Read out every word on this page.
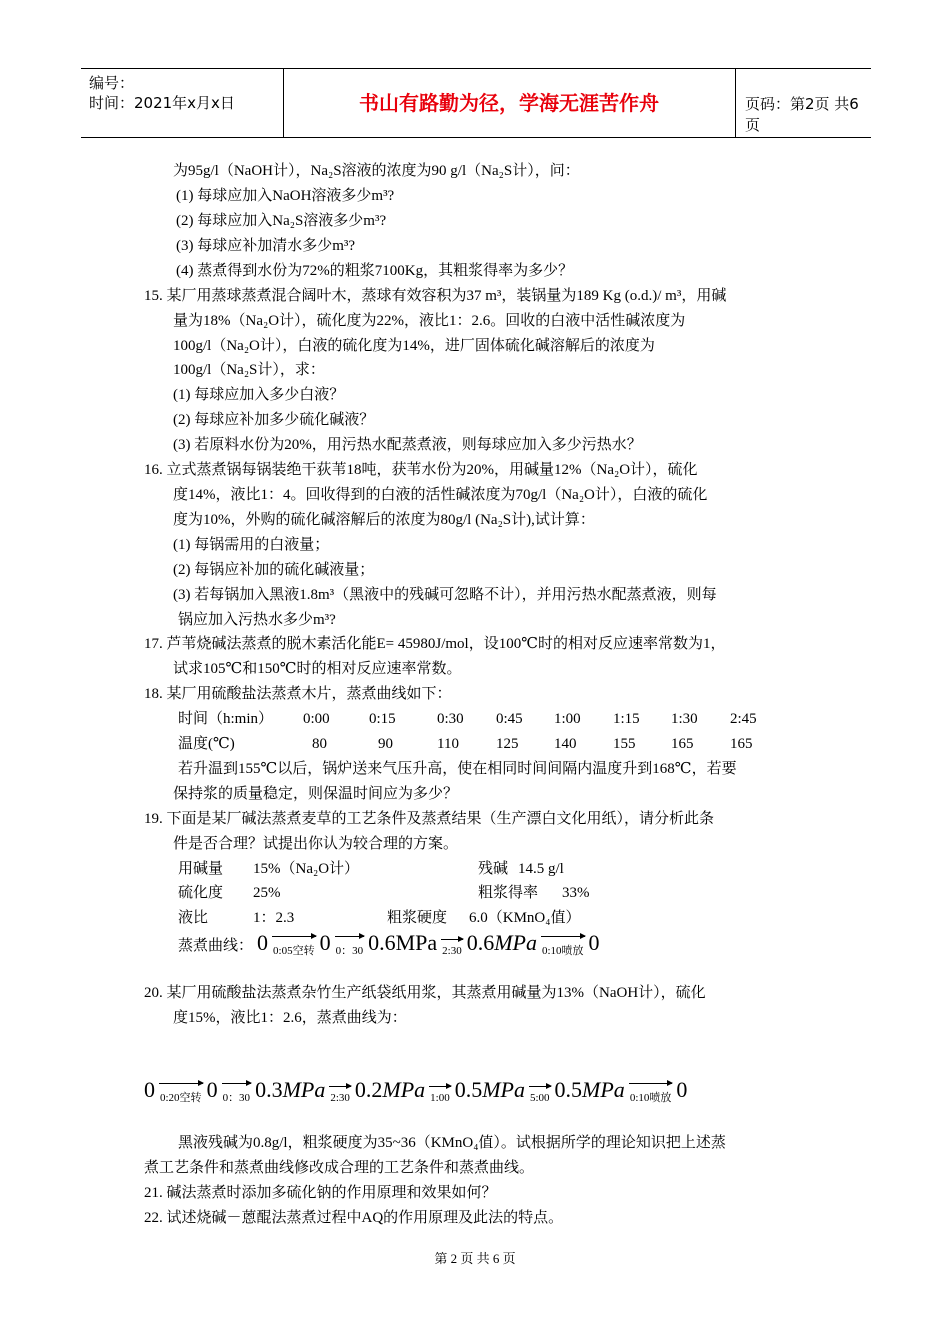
编号：
时间：2021年x月x日	书山有路勤为径，学海无涯苦作舟	页码：第2页 共6页
为95g/l（NaOH计），Na₂S溶液的浓度为90 g/l（Na₂S计），问：
(1) 每球应加入NaOH溶液多少m³?
(2) 每球应加入Na₂S溶液多少m³?
(3) 每球应补加清水多少m³?
(4) 蒸煮得到水份为72%的粗浆7100Kg，其粗浆得率为多少？
15. 某厂用蒸球蒸煮混合阔叶木，蒸球有效容积为37 m³，装锅量为189 Kg (o.d.)/ m³，用碱
量为18%（Na₂O计），硫化度为22%，液比1：2.6。回收的白液中活性碱浓度为
100g/l（Na₂O计），白液的硫化度为14%，进厂固体硫化碱溶解后的浓度为
100g/l（Na₂S计），求：
(1) 每球应加入多少白液？
(2) 每球应补加多少硫化碱液？
(3) 若原料水份为20%，用污热水配蒸煮液，则每球应加入多少污热水？
16. 立式蒸煮锅每锅装绝干荻苇18吨，获苇水份为20%，用碱量12%（Na₂O计），硫化
度14%，液比1：4。回收得到的白液的活性碱浓度为70g/l（Na₂O计），白液的硫化
度为10%，外购的硫化碱溶解后的浓度为80g/l (Na₂S计),试计算：
(1) 每锅需用的白液量；
(2) 每锅应补加的硫化碱液量；
(3) 若每锅加入黑液1.8m³（黑液中的残碱可忽略不计），并用污热水配蒸煮液，则每
锅应加入污热水多少m³?
17. 芦苇烧碱法蒸煮的脱木素活化能E= 45980J/mol，设100℃时的相对反应速率常数为1，
试求105℃和150℃时的相对反应速率常数。
18. 某厂用硫酸盐法蒸煮木片，蒸煮曲线如下：
时间（h:min） 0:00	0:15	0:30 0:45 1:00 1:15 1:30 2:45
温度(℃)	80	90	110 125 140 155 165 165
若升温到155℃以后，锅炉送来气压升高，使在相同时间间隔内温度升到168℃，若要
保持浆的质量稳定，则保温时间应为多少？
19. 下面是某厂碱法蒸煮麦草的工艺条件及蒸煮结果（生产漂白文化用纸），请分析此条
件是否合理？试提出你认为较合理的方案。
用碱量 15%（Na₂O计）	残碱 14.5 g/l
硫化度 25%	粗浆得率 33%
液比	1：2.3	粗浆硬度 6.0（KMnO₄值）
蒸煮曲线： 0 0:05空转 0 0：30 0.6MPa 2:30 0.6MPa 0:10喷放 0
20. 某厂用硫酸盐法蒸煮杂竹生产纸袋纸用浆，其蒸煮用碱量为13%（NaOH计），硫化
度15%，液比1：2.6，蒸煮曲线为：
0 0:20空转 0 0：30 0.3MPa 2:30 0.2MPa 1:00 0.5MPa 5:00 0.5MPa 0:10喷放 0
黑液残碱为0.8g/l，粗浆硬度为35~36（KMnO₄值）。试根据所学的理论知识把上述蒸
煮工艺条件和蒸煮曲线修改成合理的工艺条件和蒸煮曲线。
21. 碱法蒸煮时添加多硫化钠的作用原理和效果如何？
22. 试述烧碱－蒽醌法蒸煮过程中AQ的作用原理及此法的特点。
第 2 页 共 6 页
